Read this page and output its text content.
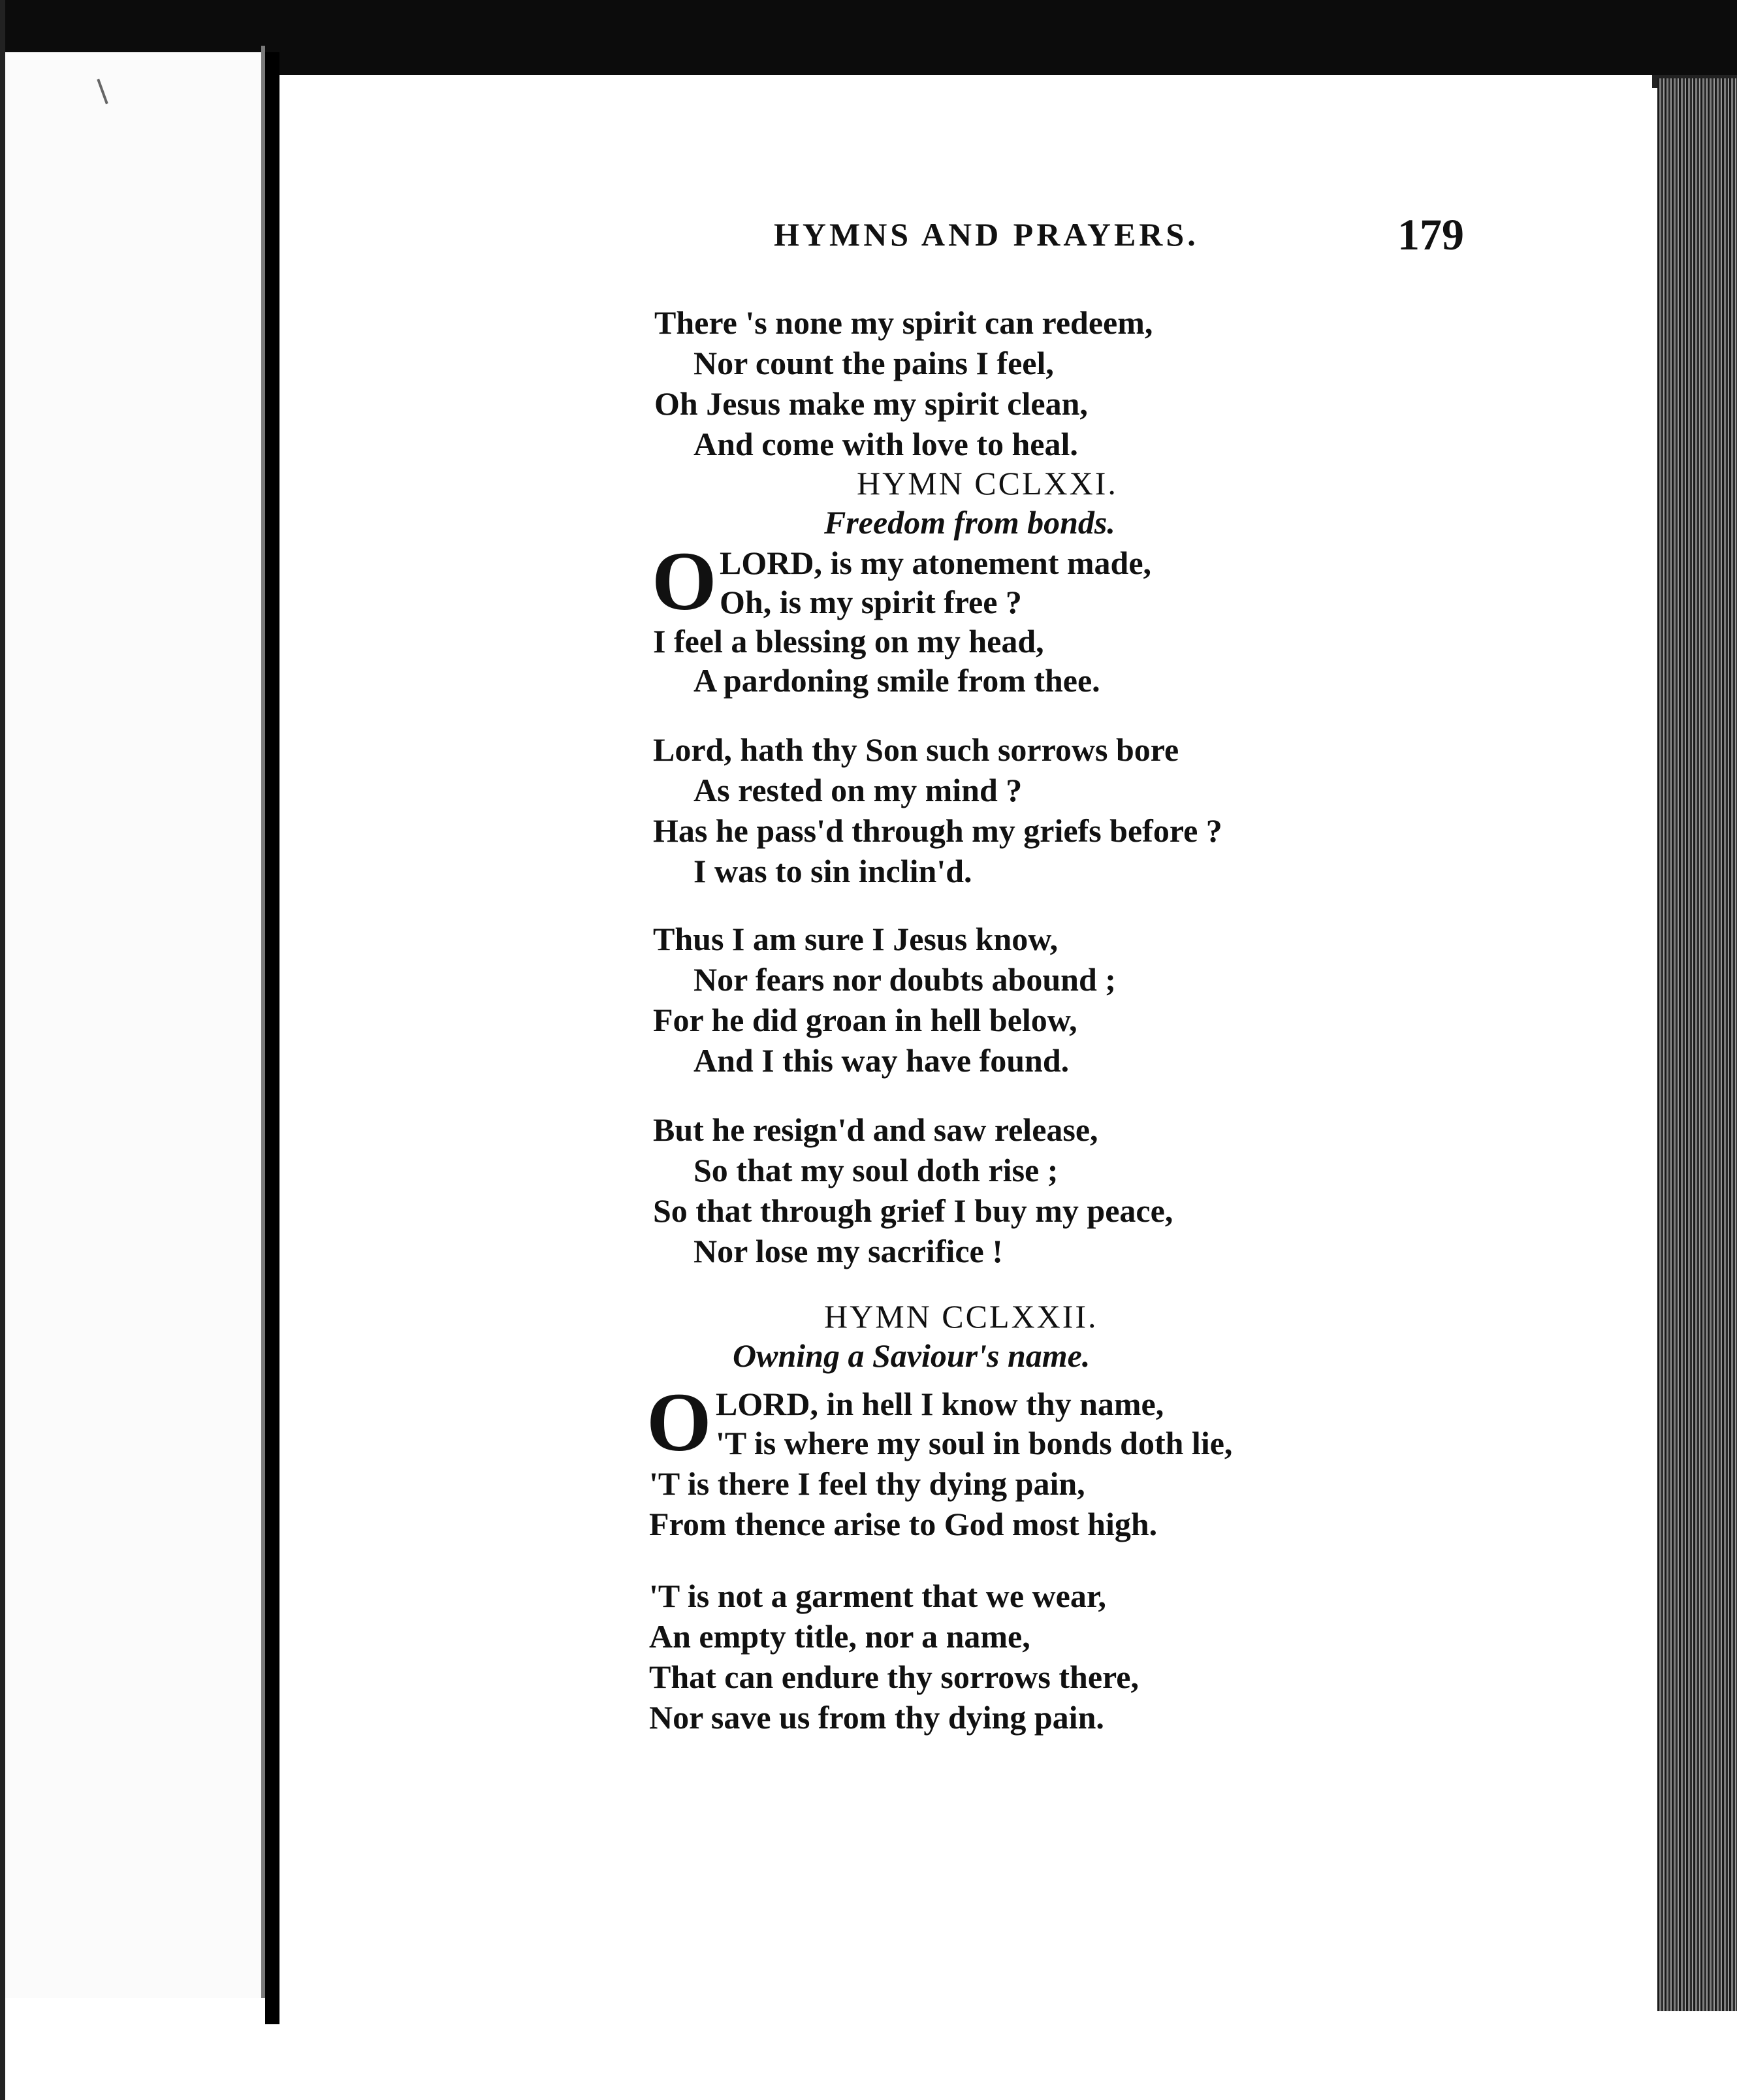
HYMNS AND PRAYERS.	179
There 's none my spirit can redeem,
Nor count the pains I feel,
Oh Jesus make my spirit clean,
And come with love to heal.
HYMN CCLXXI.
Freedom from bonds.
O LORD, is my atonement made,
Oh, is my spirit free ?
I feel a blessing on my head,
A pardoning smile from thee.
Lord, hath thy Son such sorrows bore
As rested on my mind ?
Has he pass'd through my griefs before ?
I was to sin inclin'd.
Thus I am sure I Jesus know,
Nor fears nor doubts abound ;
For he did groan in hell below,
And I this way have found.
But he resign'd and saw release,
So that my soul doth rise ;
So that through grief I buy my peace,
Nor lose my sacrifice !
HYMN CCLXXII.
Owning a Saviour's name.
O LORD, in hell I know thy name,
'T is where my soul in bonds doth lie,
'T is there I feel thy dying pain,
From thence arise to God most high.
'T is not a garment that we wear,
An empty title, nor a name,
That can endure thy sorrows there,
Nor save us from thy dying pain.
